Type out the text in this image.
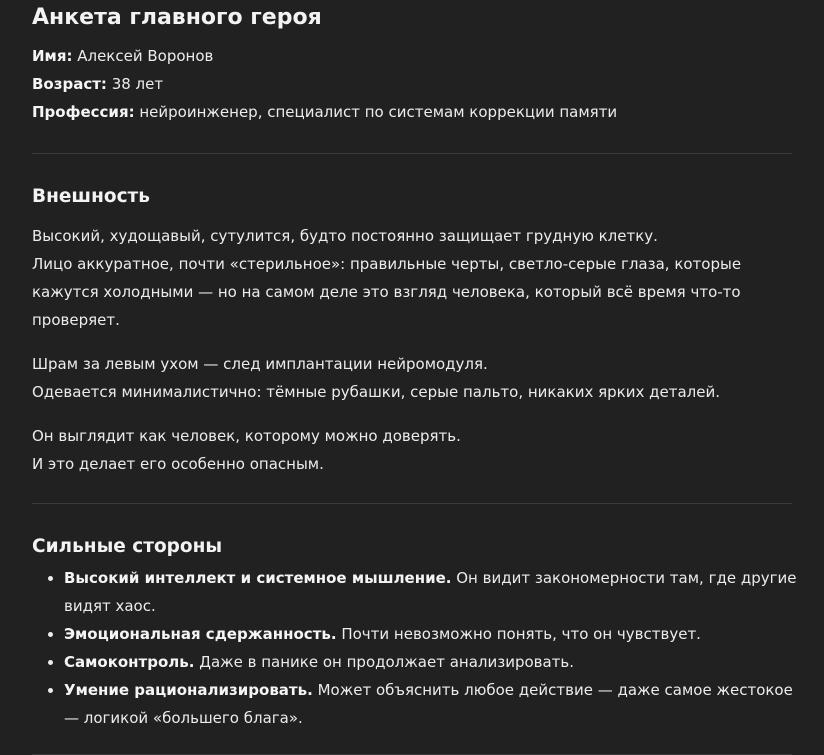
Анкета главного героя

Имя: Алексей Воронов

Возраст: 38 лет

Профессия: нейроинженер, специалист по системам коррекции памяти

Внешность

Высокий, худощавый, сутулится, будто постоянно защищает грудную клетку.
Лицо аккуратное, почти «стерильное»: правильные черты, светло-серые глаза, которые кажутся холодными — но на самом деле это взгляд человека, который всё время что-то проверяет.

Шрам за левым ухом — след имплантации нейромодуля.
Одевается минималистично: тёмные рубашки, серые пальто, никаких ярких деталей.

Он выглядит как человек, которому можно доверять.
И это делает его особенно опасным.

Сильные стороны
• Высокий интеллект и системное мышление. Он видит закономерности там, где другие видят хаос.
• Эмоциональная сдержанность. Почти невозможно понять, что он чувствует.
• Самоконтроль. Даже в панике он продолжает анализировать.
• Умение рационализировать. Может объяснить любое действие — даже самое жестокое — логикой «большего блага».
